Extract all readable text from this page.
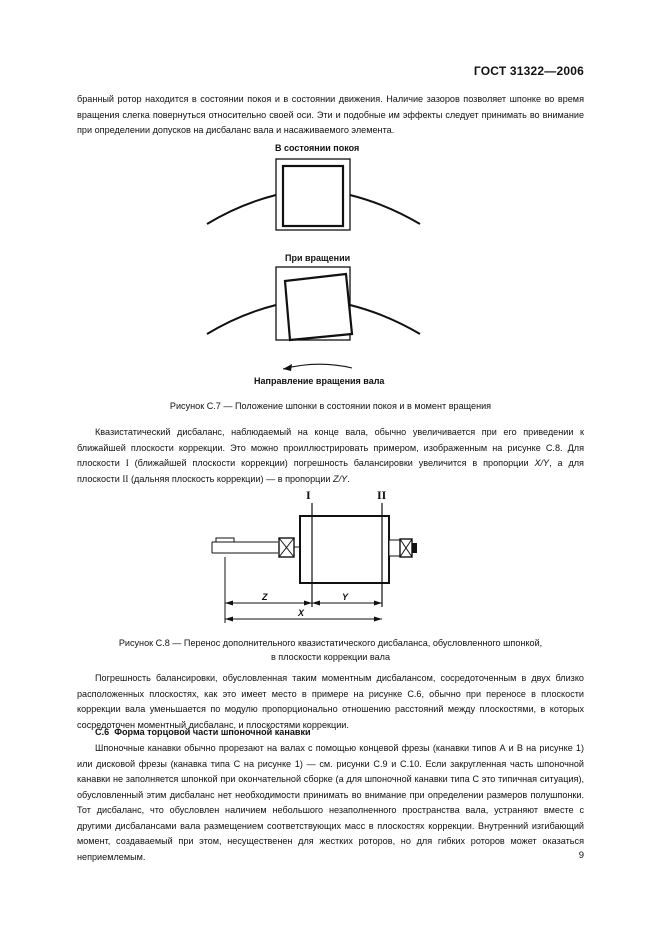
ГОСТ 31322—2006

бранный ротор находится в состоянии покоя и в состоянии движения. Наличие зазоров позволяет шпонке во время вращения слегка повернуться относительно своей оси. Эти и подобные им эффекты следует принимать во внимание при определении допусков на дисбаланс вала и насаживаемого элемента.

В состоянии покоя
При вращении
Направление вращения вала

Рисунок С.7 — Положение шпонки в состоянии покоя и в момент вращения

Квазистатический дисбаланс, наблюдаемый на конце вала, обычно увеличивается при его приведении к ближайшей плоскости коррекции. Это можно проиллюстрировать примером, изображенным на рисунке С.8. Для плоскости I (ближайшей плоскости коррекции) погрешность балансировки увеличится в пропорции X/Y, а для плоскости II (дальняя плоскость коррекции) — в пропорции Z/Y.

I	II
Z	Y
X

Рисунок С.8 — Перенос дополнительного квазистатического дисбаланса, обусловленного шпонкой,
в плоскости коррекции вала

Погрешность балансировки, обусловленная таким моментным дисбалансом, сосредоточенным в двух близко расположенных плоскостях, как это имеет место в примере на рисунке С.6, обычно при переносе в плоскости коррекции вала уменьшается по модулю пропорционально отношению расстояний между плоскостями, в которых сосредоточен моментный дисбаланс, и плоскостями коррекции.

С.6 Форма торцовой части шпоночной канавки

Шпоночные канавки обычно прорезают на валах с помощью концевой фрезы (канавки типов А и В на рисунке 1) или дисковой фрезы (канавка типа С на рисунке 1) — см. рисунки С.9 и С.10. Если закругленная часть шпоночной канавки не заполняется шпонкой при окончательной сборке (а для шпоночной канавки типа С это типичная ситуация), обусловленный этим дисбаланс нет необходимости принимать во внимание при определении размеров полушпонки. Тот дисбаланс, что обусловлен наличием небольшого незаполненного пространства вала, устраняют вместе с другими дисбалансами вала размещением соответствующих масс в плоскостях коррекции. Внутренний изгибающий момент, создаваемый при этом, несущественен для жестких роторов, но для гибких роторов может оказаться неприемлемым.	9
